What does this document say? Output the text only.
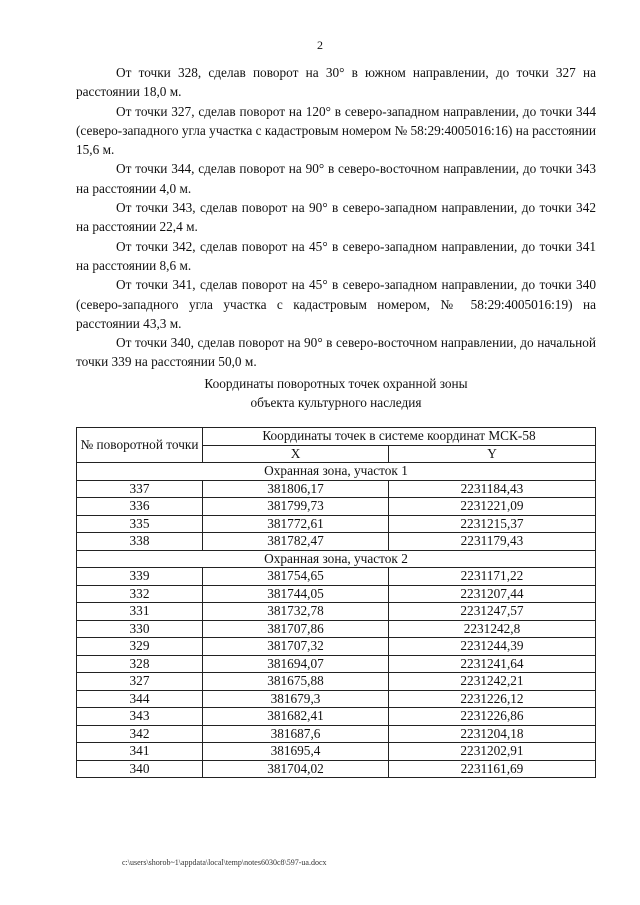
2

От точки 328, сделав поворот на 30° в южном направлении, до точки 327 на расстоянии 18,0 м.

От точки 327, сделав поворот на 120° в северо-западном направлении, до точки 344 (северо-западного угла участка с кадастровым номером № 58:29:4005016:16) на расстоянии 15,6 м.

От точки 344, сделав поворот на 90° в северо-восточном направлении, до точки 343 на расстоянии 4,0 м.

От точки 343, сделав поворот на 90° в северо-западном направлении, до точки 342 на расстоянии 22,4 м.

От точки 342, сделав поворот на 45° в северо-западном направлении, до точки 341 на расстоянии 8,6 м.

От точки 341, сделав поворот на 45° в северо-западном направлении, до точки 340 (северо-западного угла участка с кадастровым номером, № 58:29:4005016:19) на расстоянии 43,3 м.

От точки 340, сделав поворот на 90° в северо-восточном направлении, до начальной точки 339 на расстоянии 50,0 м.

Координаты поворотных точек охранной зоны
объекта культурного наследия
№ поворотной точки	Координаты точек в системе координат МСК-58	
	X	Y
Охранная зона, участок 1		
337	381806,17	2231184,43
336	381799,73	2231221,09
335	381772,61	2231215,37
338	381782,47	2231179,43
Охранная зона, участок 2		
339	381754,65	2231171,22
332	381744,05	2231207,44
331	381732,78	2231247,57
330	381707,86	2231242,8
329	381707,32	2231244,39
328	381694,07	2231241,64
327	381675,88	2231242,21
344	381679,3	2231226,12
343	381682,41	2231226,86
342	381687,6	2231204,18
341	381695,4	2231202,91
340	381704,02	2231161,69
c:\users\shorob~1\appdata\local\temp\notes6030c8\597-ua.docx
